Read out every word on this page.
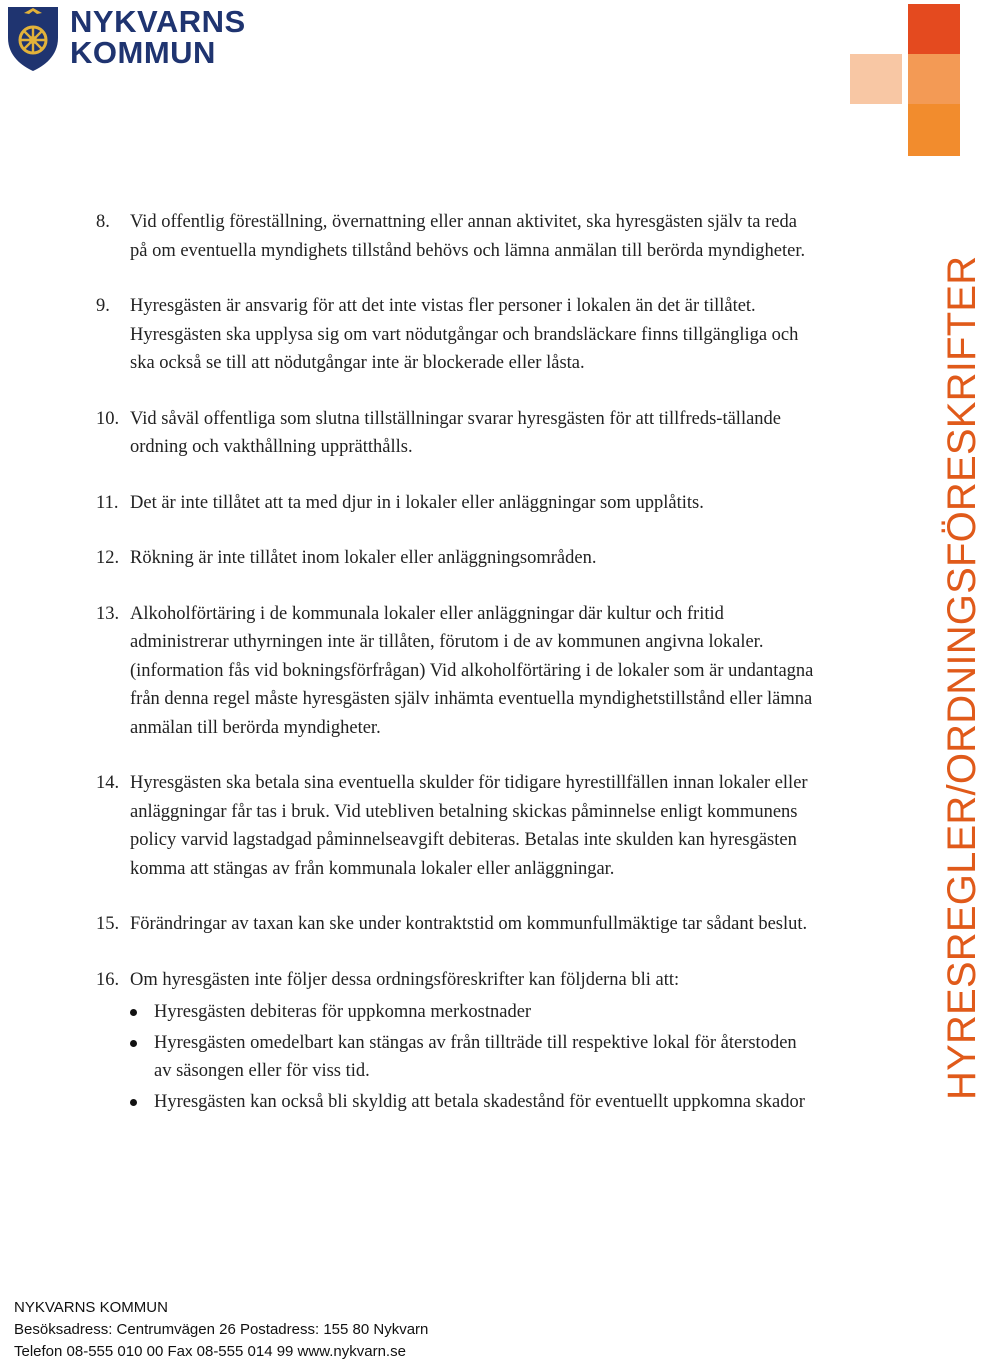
NYKVARNS
KOMMUN
HYRESREGLER/ORDNINGSFÖRESKRIFTER
8. Vid offentlig föreställning, övernattning eller annan aktivitet, ska hyresgästen själv ta reda på om eventuella myndighets tillstånd behövs och lämna anmälan till berörda myndigheter.
9. Hyresgästen är ansvarig för att det inte vistas fler personer i lokalen än det är tillåtet. Hyresgästen ska upplysa sig om vart nödutgångar och brandsläckare finns tillgängliga och ska också se till att nödutgångar inte är blockerade eller låsta.
10. Vid såväl offentliga som slutna tillställningar svarar hyresgästen för att tillfreds-tällande ordning och vakthållning upprätthålls.
11. Det är inte tillåtet att ta med djur in i lokaler eller anläggningar som upplåtits.
12. Rökning är inte tillåtet inom lokaler eller anläggningsområden.
13. Alkoholförtäring i de kommunala lokaler eller anläggningar där kultur och fritid administrerar uthyrningen inte är tillåten, förutom i de av kommunen angivna lokaler. (information fås vid bokningsförfrågan) Vid alkoholförtäring i de lokaler som är undantagna från denna regel måste hyresgästen själv inhämta eventuella myndighetstillstånd eller lämna anmälan till berörda myndigheter.
14. Hyresgästen ska betala sina eventuella skulder för tidigare hyrestillfällen innan lokaler eller anläggningar får tas i bruk. Vid utebliven betalning skickas påminnelse enligt kommunens policy varvid lagstadgad påminnelseavgift debiteras. Betalas inte skulden kan hyresgästen komma att stängas av från kommunala lokaler eller anläggningar.
15. Förändringar av taxan kan ske under kontraktstid om kommunfullmäktige tar sådant beslut.
16. Om hyresgästen inte följer dessa ordningsföreskrifter kan följderna bli att:
Hyresgästen debiteras för uppkomna merkostnader
Hyresgästen omedelbart kan stängas av från tillträde till respektive lokal för återstoden av säsongen eller för viss tid.
Hyresgästen kan också bli skyldig att betala skadestånd för eventuellt uppkomna skador
NYKVARNS KOMMUN
Besöksadress: Centrumvägen 26 Postadress: 155 80 Nykvarn
Telefon 08-555 010 00 Fax 08-555 014 99 www.nykvarn.se
